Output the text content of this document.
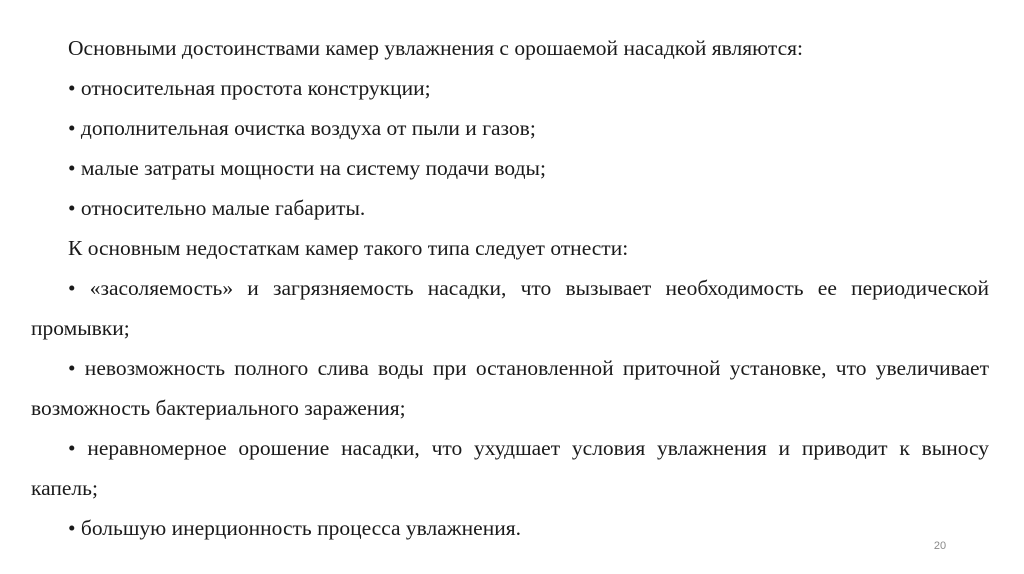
Основными достоинствами камер увлажнения с орошаемой насадкой являются:

• относительная простота конструкции;

• дополнительная очистка воздуха от пыли и газов;

• малые затраты мощности на систему подачи воды;

• относительно малые габариты.

К основным недостаткам камер такого типа следует отнести:

• «засоляемость» и загрязняемость насадки, что вызывает необходимость ее периодической промывки;

• невозможность полного слива воды при остановленной приточной установке, что увеличивает возможность бактериального заражения;

• неравномерное орошение насадки, что ухудшает условия увлажнения и приводит к выносу капель;

• большую инерционность процесса увлажнения.

20
